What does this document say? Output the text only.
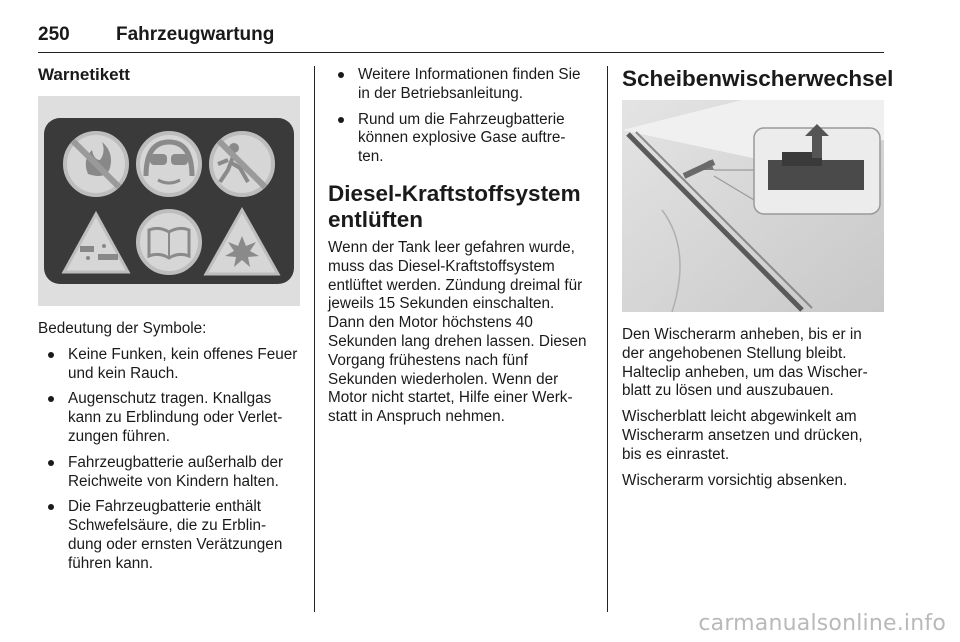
250 Fahrzeugwartung
Warnetikett

Bedeutung der Symbole:

Keine Funken, kein offenes Feuer und kein Rauch.
Augenschutz tragen. Knallgas kann zu Erblindung oder Verlet- zungen führen.
Fahrzeugbatterie außerhalb der Reichweite von Kindern halten.
Die Fahrzeugbatterie enthält Schwefelsäure, die zu Erblin- dung oder ernsten Verätzungen führen kann.
Weitere Informationen finden Sie in der Betriebsanleitung.
Rund um die Fahrzeugbatterie können explosive Gase auftre- ten.
Diesel-Kraftstoffsystem entlüften

Wenn der Tank leer gefahren wurde, muss das Diesel-Kraftstoffsystem entlüftet werden. Zündung dreimal für jeweils 15 Sekunden einschalten. Dann den Motor höchstens 40 Sekunden lang drehen lassen. Diesen Vorgang frühestens nach fünf Sekunden wiederholen. Wenn der Motor nicht startet, Hilfe einer Werk- statt in Anspruch nehmen.

Scheibenwischerwechsel

Den Wischerarm anheben, bis er in der angehobenen Stellung bleibt. Halteclip anheben, um das Wischer- blatt zu lösen und auszubauen.

Wischerblatt leicht abgewinkelt am Wischerarm ansetzen und drücken, bis es einrastet.

Wischerarm vorsichtig absenken.

carmanualsonline.info
